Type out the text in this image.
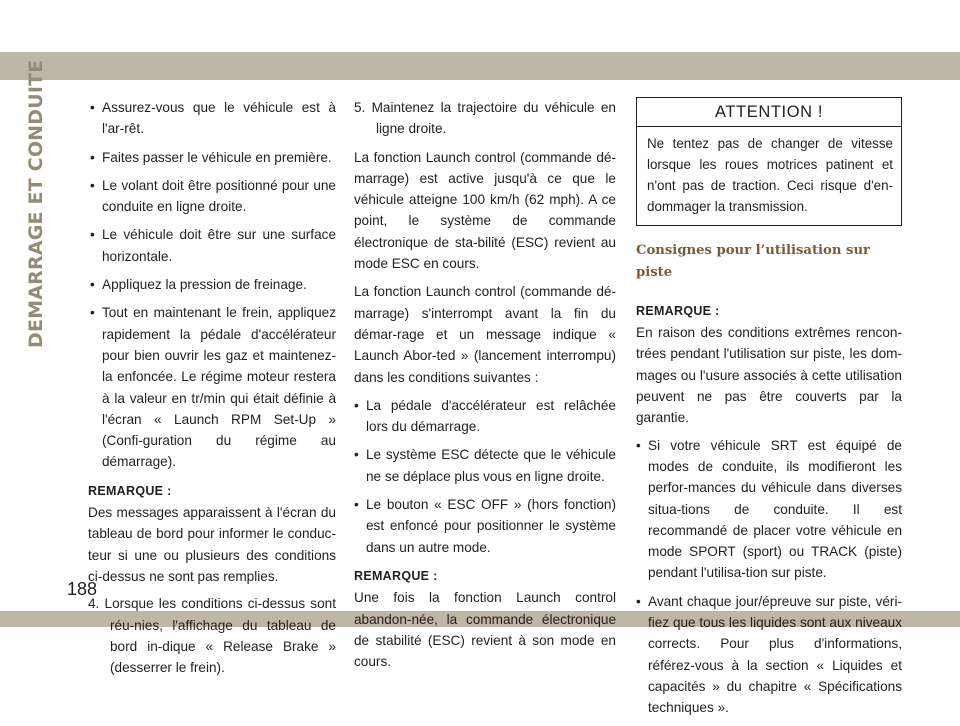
DEMARRAGE ET CONDUITE
188
• Assurez-vous que le véhicule est à l'ar-rêt.
• Faites passer le véhicule en première.
• Le volant doit être positionné pour une conduite en ligne droite.
• Le véhicule doit être sur une surface horizontale.
• Appliquez la pression de freinage.
• Tout en maintenant le frein, appliquez rapidement la pédale d'accélérateur pour bien ouvrir les gaz et maintenez-la enfoncée. Le régime moteur restera à la valeur en tr/min qui était définie à l'écran « Launch RPM Set-Up » (Confi-guration du régime au démarrage).
REMARQUE :
Des messages apparaissent à l'écran du tableau de bord pour informer le conduc-teur si une ou plusieurs des conditions ci-dessus ne sont pas remplies.
4. Lorsque les conditions ci-dessus sont réu-nies, l'affichage du tableau de bord in-dique « Release Brake » (desserrer le frein).
5. Maintenez la trajectoire du véhicule en ligne droite.

La fonction Launch control (commande dé-marrage) est active jusqu'à ce que le véhicule atteigne 100 km/h (62 mph). A ce point, le système de commande électronique de sta-bilité (ESC) revient au mode ESC en cours.

La fonction Launch control (commande dé-marrage) s'interrompt avant la fin du démar-rage et un message indique « Launch Abor-ted » (lancement interrompu) dans les conditions suivantes :

• La pédale d'accélérateur est relâchée lors du démarrage.
• Le système ESC détecte que le véhicule ne se déplace plus vous en ligne droite.
• Le bouton « ESC OFF » (hors fonction) est enfoncé pour positionner le système dans un autre mode.
REMARQUE :
Une fois la fonction Launch control abandon-née, la commande électronique de stabilité (ESC) revient à son mode en cours.
ATTENTION !
Ne tentez pas de changer de vitesse lorsque les roues motrices patinent et n'ont pas de traction. Ceci risque d'en-dommager la transmission.
Consignes pour l’utilisation sur piste
REMARQUE :
En raison des conditions extrêmes rencon-trées pendant l'utilisation sur piste, les dom-mages ou l'usure associés à cette utilisation peuvent ne pas être couverts par la garantie.
• Si votre véhicule SRT est équipé de modes de conduite, ils modifieront les perfor-mances du véhicule dans diverses situa-tions de conduite. Il est recommandé de placer votre véhicule en mode SPORT (sport) ou TRACK (piste) pendant l'utilisa-tion sur piste.
• Avant chaque jour/épreuve sur piste, véri-fiez que tous les liquides sont aux niveaux corrects. Pour plus d'informations, référez-vous à la section « Liquides et capacités » du chapitre « Spécifications techniques ».
